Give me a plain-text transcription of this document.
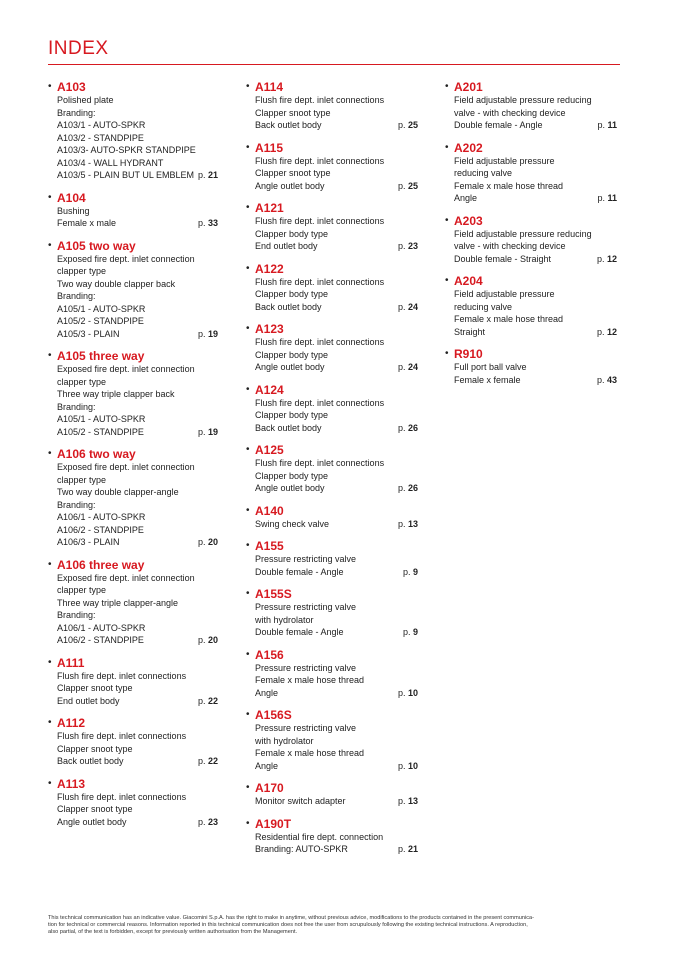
INDEX
• A103
Polished plate
Branding:
A103/1 - AUTO-SPKR
A103/2 - STANDPIPE
A103/3- AUTO-SPKR STANDPIPE
A103/4 - WALL HYDRANT
A103/5 - PLAIN BUT UL EMBLEM p. 21
• A104
Bushing
Female x male	p. 33
• A105 two way
Exposed fire dept. inlet connection
clapper type
Two way double clapper back
Branding:
A105/1 - AUTO-SPKR
A105/2 - STANDPIPE
A105/3 - PLAIN	p. 19
• A105 three way
Exposed fire dept. inlet connection
clapper type
Three way triple clapper back
Branding:
A105/1 - AUTO-SPKR
A105/2 - STANDPIPE	p. 19
• A106 two way
Exposed fire dept. inlet connection
clapper type
Two way double clapper-angle
Branding:
A106/1 - AUTO-SPKR
A106/2 - STANDPIPE
A106/3 - PLAIN	p. 20
• A106 three way
Exposed fire dept. inlet connection
clapper type
Three way triple clapper-angle
Branding:
A106/1 - AUTO-SPKR
A106/2 - STANDPIPE	p. 20
• A111
Flush fire dept. inlet connections
Clapper snoot type
End outlet body	p. 22
• A112
Flush fire dept. inlet connections
Clapper snoot type
Back outlet body	p. 22
• A113
Flush fire dept. inlet connections
Clapper snoot type
Angle outlet body	p. 23
• A114
Flush fire dept. inlet connections
Clapper snoot type
Back outlet body	p. 25
• A115
Flush fire dept. inlet connections
Clapper snoot type
Angle outlet body	p. 25
• A121
Flush fire dept. inlet connections
Clapper body type
End outlet body	p. 23
• A122
Flush fire dept. inlet connections
Clapper body type
Back outlet body	p. 24
• A123
Flush fire dept. inlet connections
Clapper body type
Angle outlet body	p. 24
• A124
Flush fire dept. inlet connections
Clapper body type
Back outlet body	p. 26
• A125
Flush fire dept. inlet connections
Clapper body type
Angle outlet body	p. 26
• A140
Swing check valve	p. 13
• A155
Pressure restricting valve
Double female - Angle	p. 9
• A155S
Pressure restricting valve
with hydrolator
Double female - Angle	p. 9
• A156
Pressure restricting valve
Female x male hose thread
Angle	p. 10
• A156S
Pressure restricting valve
with hydrolator
Female x male hose thread
Angle	p. 10
• A170
Monitor switch adapter	p. 13
• A190T
Residential fire dept. connection
Branding: AUTO-SPKR	p. 21
• A201
Field adjustable pressure reducing
valve - with checking device
Double female - Angle	p. 11
• A202
Field adjustable pressure
reducing valve
Female x male hose thread
Angle	p. 11
• A203
Field adjustable pressure reducing
valve - with checking device
Double female - Straight	p. 12
• A204
Field adjustable pressure
reducing valve
Female x male hose thread
Straight	p. 12
• R910
Full port ball valve
Female x female	p. 43
This technical communication has an indicative value. Giacomini S.p.A. has the right to make in anytime, without previous advice, modifications to the products contained in the present communica-
tion for technical or commercial reasons. Information reported in this technical communication does not free the user from scrupulously following the existing technical instructions. A reproduction,
also partial, of the text is forbidden, except for previously written authorisation from the Management.
